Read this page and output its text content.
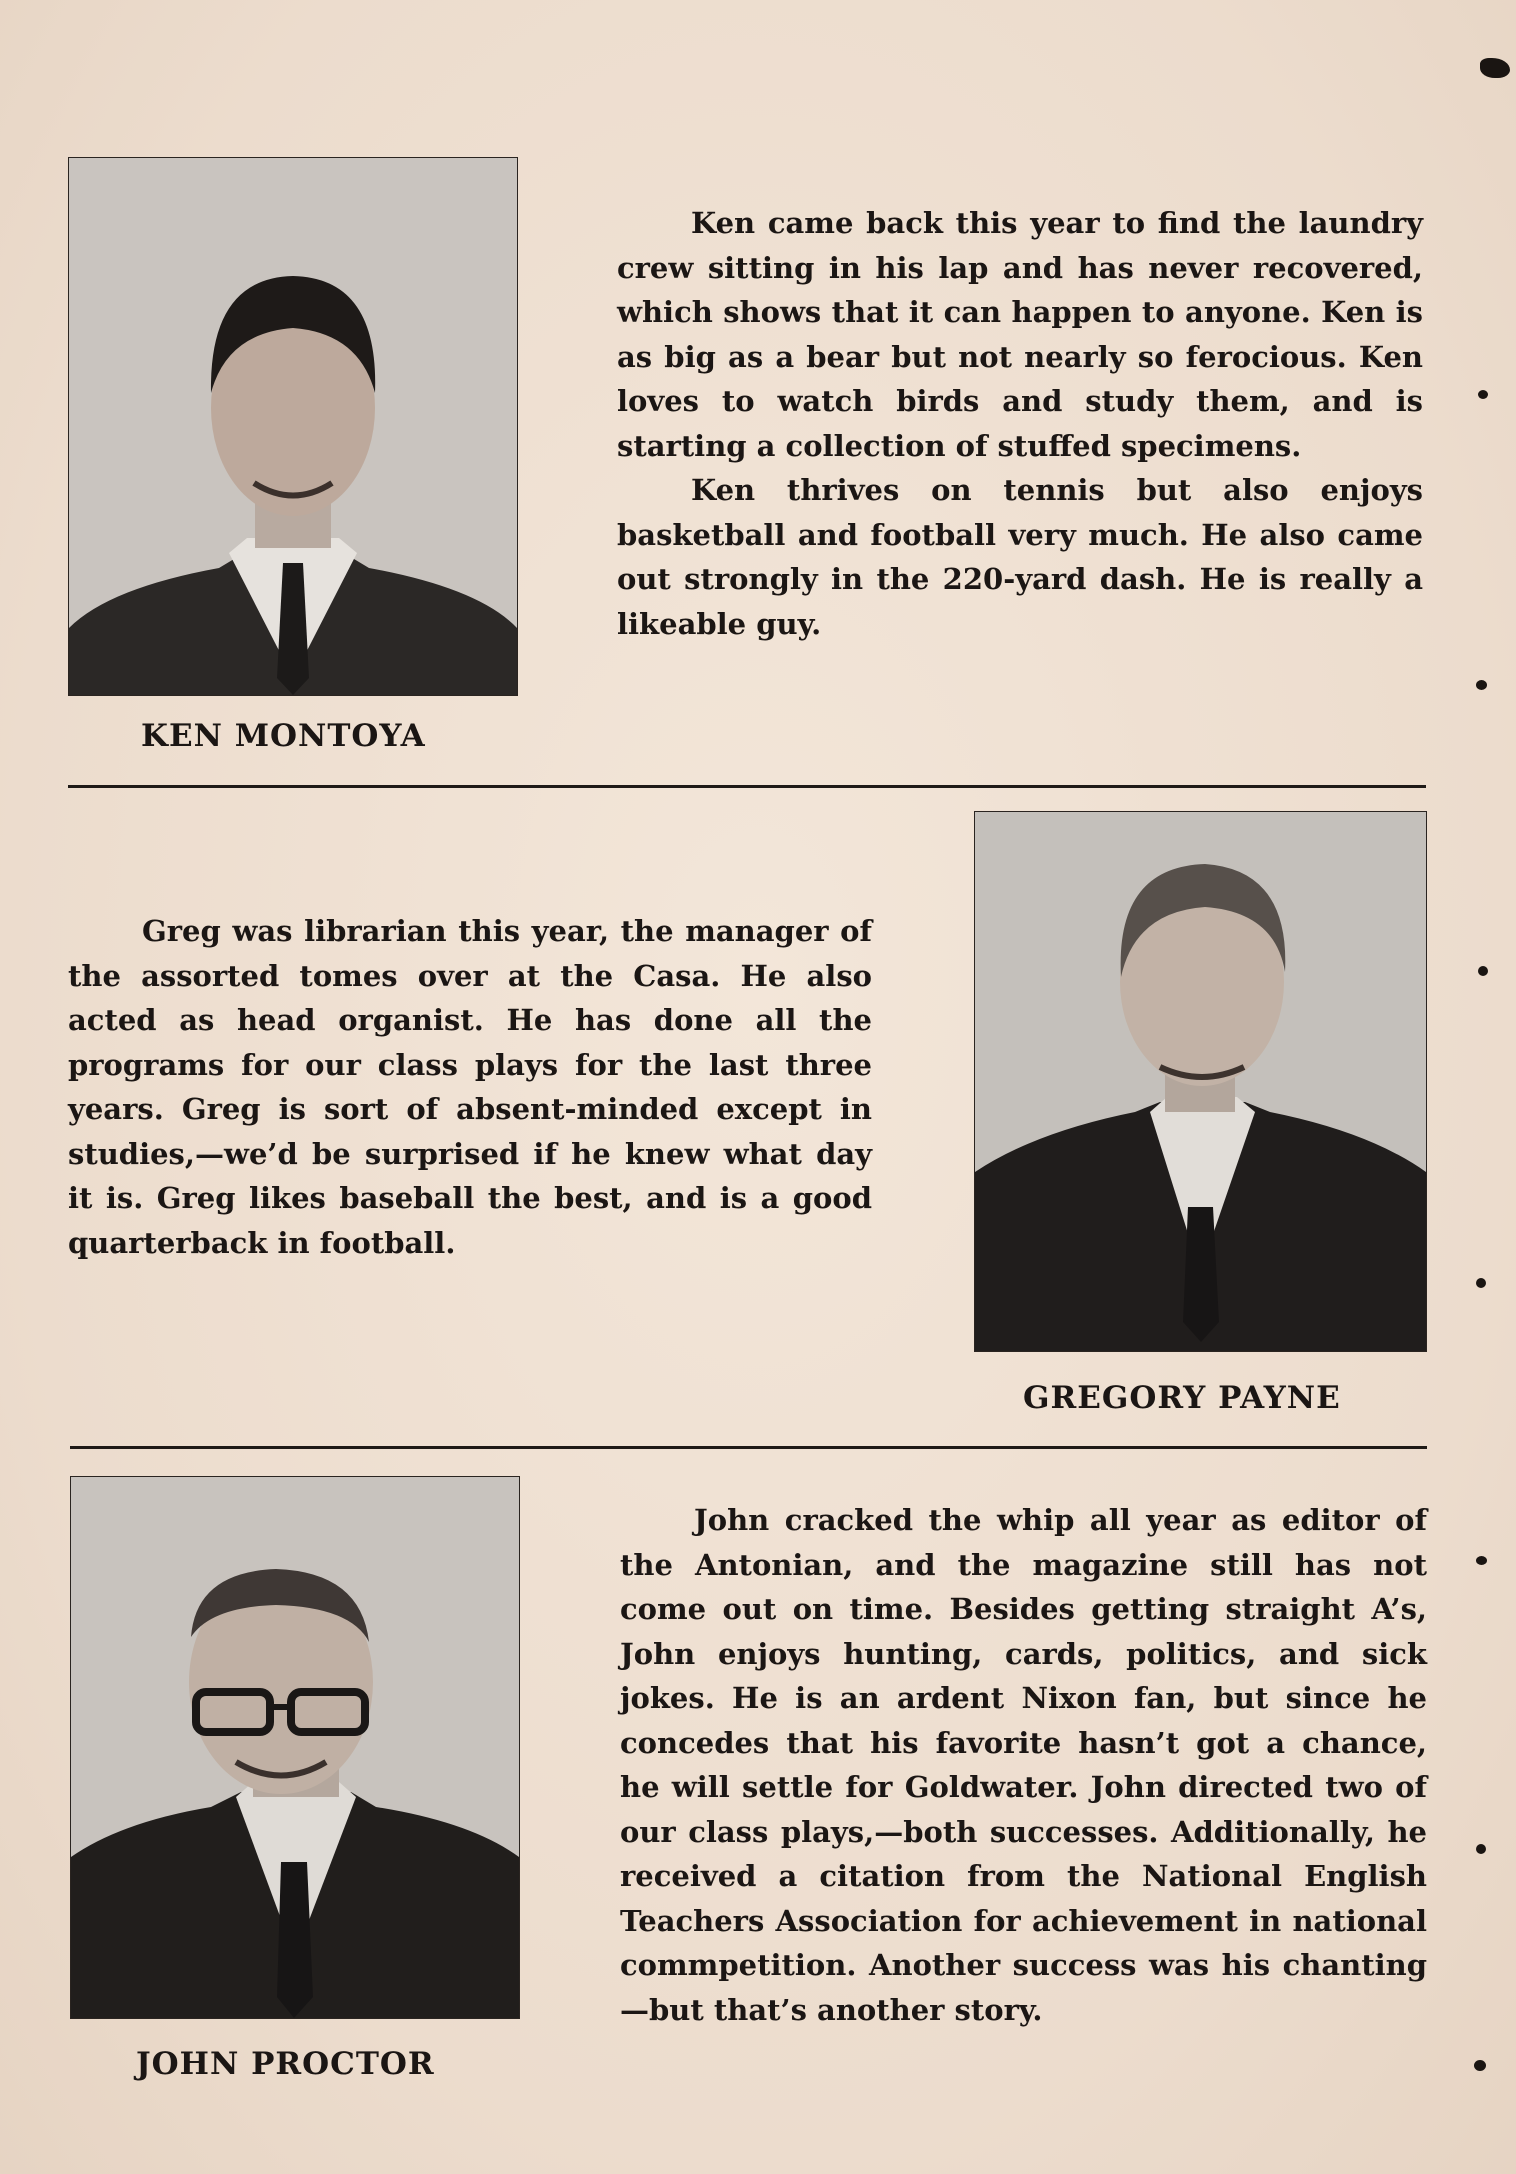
KEN MONTOYA

Ken came back this year to find the laundry crew sitting in his lap and has never recovered, which shows that it can happen to anyone. Ken is as big as a bear but not nearly so ferocious. Ken loves to watch birds and study them, and is starting a collection of stuffed specimens.

Ken thrives on tennis but also enjoys basketball and football very much. He also came out strongly in the 220-yard dash. He is really a likeable guy.

Greg was librarian this year, the manager of the assorted tomes over at the Casa. He also acted as head organist. He has done all the programs for our class plays for the last three years. Greg is sort of absent-minded except in studies,—we’d be surprised if he knew what day it is. Greg likes baseball the best, and is a good quarterback in football.

GREGORY PAYNE
JOHN PROCTOR

John cracked the whip all year as editor of the Antonian, and the magazine still has not come out on time. Besides getting straight A’s, John enjoys hunting, cards, politics, and sick jokes. He is an ardent Nixon fan, but since he concedes that his favorite hasn’t got a chance, he will settle for Goldwater. John directed two of our class plays,—both successes. Additionally, he received a citation from the National English Teachers Association for achievement in national commpetition. Another success was his chanting—but that’s another story.
